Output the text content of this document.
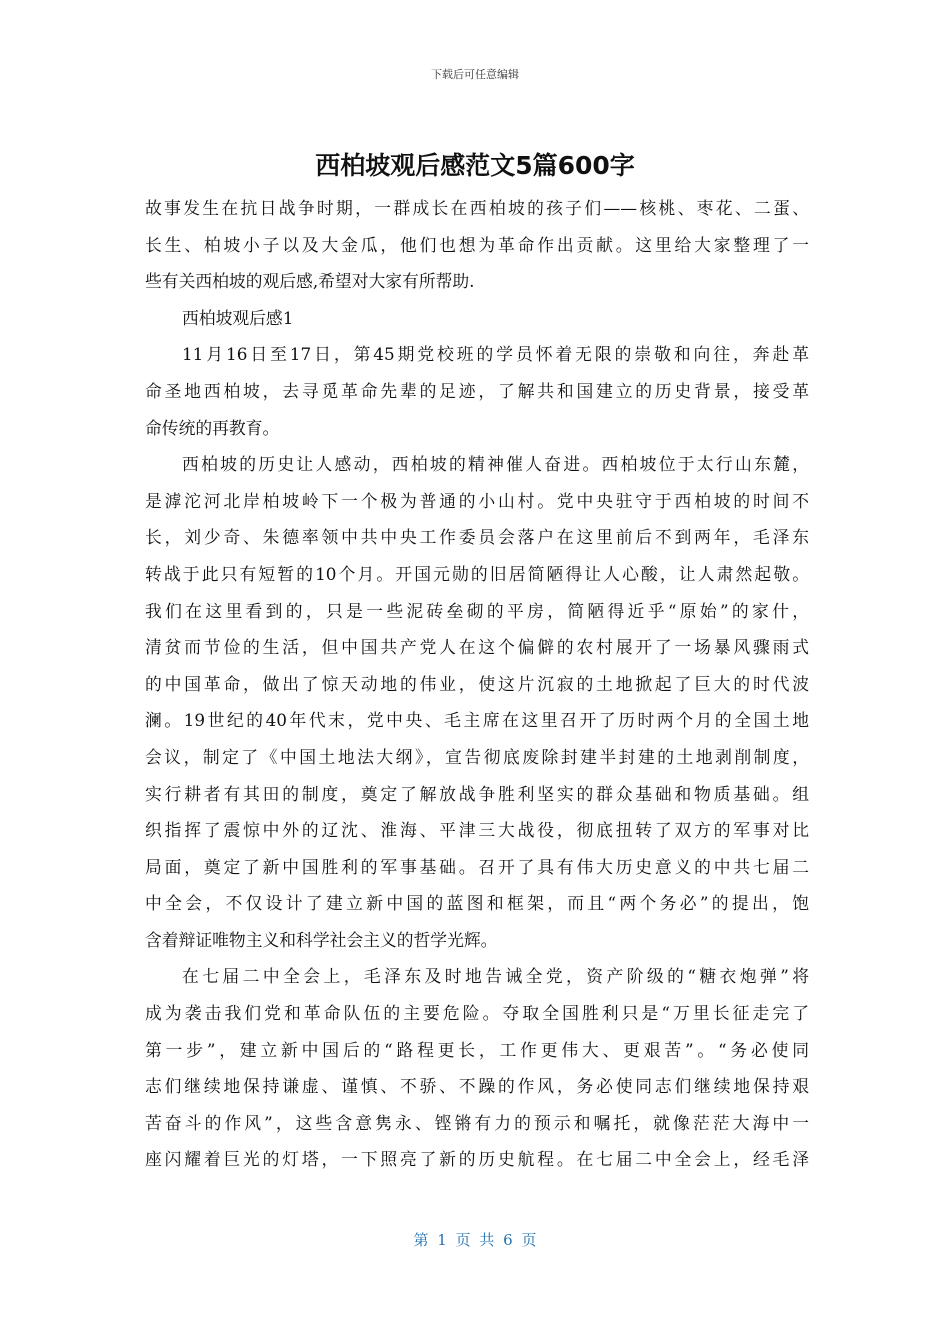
下载后可任意编辑
西柏坡观后感范文5篇600字
故事发生在抗日战争时期，一群成长在西柏坡的孩子们——核桃、枣花、二蛋、
长生、柏坡小子以及大金瓜，他们也想为革命作出贡献。这里给大家整理了一
些有关西柏坡的观后感,希望对大家有所帮助.
西柏坡观后感1
11月16日至17日，第45期党校班的学员怀着无限的崇敬和向往，奔赴革
命圣地西柏坡，去寻觅革命先辈的足迹，了解共和国建立的历史背景，接受革
命传统的再教育。
西柏坡的历史让人感动，西柏坡的精神催人奋进。西柏坡位于太行山东麓，
是滹沱河北岸柏坡岭下一个极为普通的小山村。党中央驻守于西柏坡的时间不
长，刘少奇、朱德率领中共中央工作委员会落户在这里前后不到两年，毛泽东
转战于此只有短暂的10个月。开国元勋的旧居简陋得让人心酸，让人肃然起敬。
我们在这里看到的，只是一些泥砖垒砌的平房，简陋得近乎“原始”的家什，
清贫而节俭的生活，但中国共产党人在这个偏僻的农村展开了一场暴风骤雨式
的中国革命，做出了惊天动地的伟业，使这片沉寂的土地掀起了巨大的时代波
澜。19世纪的40年代末，党中央、毛主席在这里召开了历时两个月的全国土地
会议，制定了《中国土地法大纲》，宣告彻底废除封建半封建的土地剥削制度，
实行耕者有其田的制度，奠定了解放战争胜利坚实的群众基础和物质基础。组
织指挥了震惊中外的辽沈、淮海、平津三大战役，彻底扭转了双方的军事对比
局面，奠定了新中国胜利的军事基础。召开了具有伟大历史意义的中共七届二
中全会，不仅设计了建立新中国的蓝图和框架，而且“两个务必”的提出，饱
含着辩证唯物主义和科学社会主义的哲学光辉。
在七届二中全会上，毛泽东及时地告诫全党，资产阶级的“糖衣炮弹”将
成为袭击我们党和革命队伍的主要危险。夺取全国胜利只是“万里长征走完了
第一步”，建立新中国后的“路程更长，工作更伟大、更艰苦”。“务必使同
志们继续地保持谦虚、谨慎、不骄、不躁的作风，务必使同志们继续地保持艰
苦奋斗的作风”，这些含意隽永、铿锵有力的预示和嘱托，就像茫茫大海中一
座闪耀着巨光的灯塔，一下照亮了新的历史航程。在七届二中全会上，经毛泽
第 1 页 共 6 页
